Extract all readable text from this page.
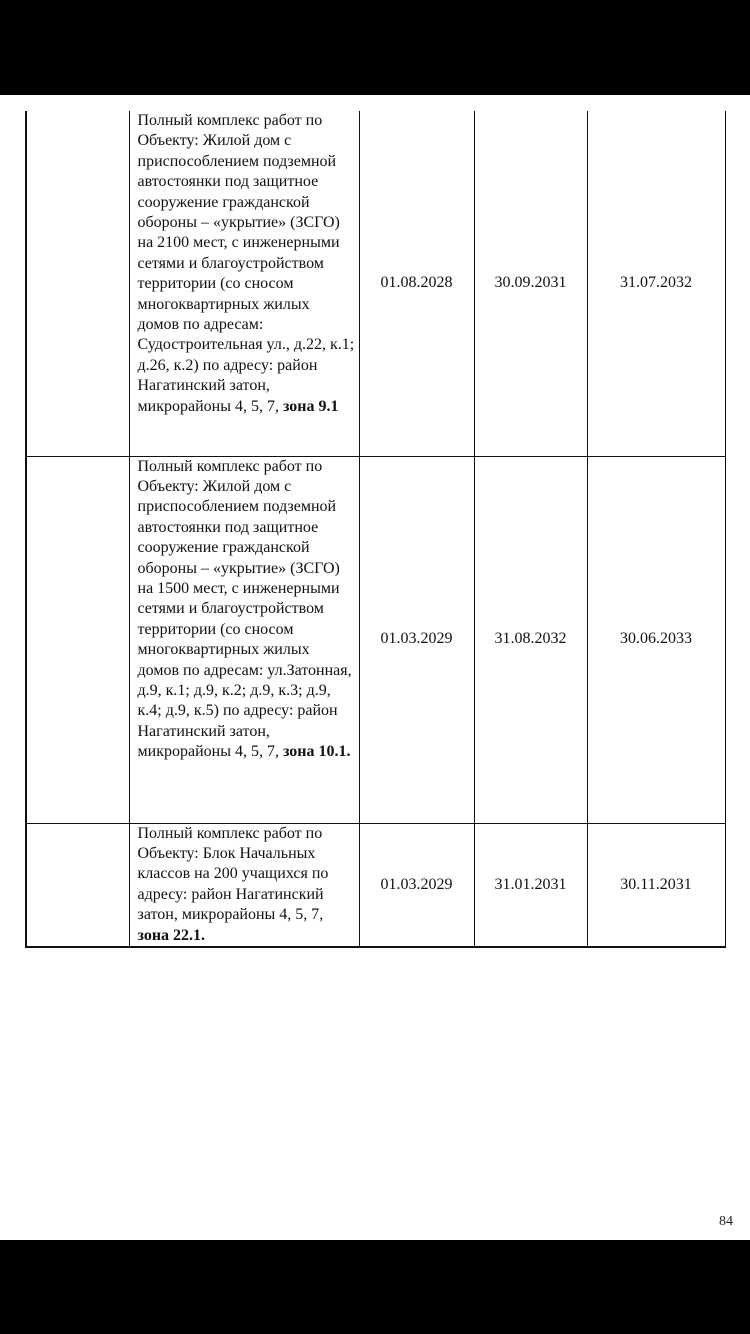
	Полный комплекс работ по Объекту: Жилой дом с приспособлением подземной автостоянки под защитное сооружение гражданской обороны – «укрытие» (ЗСГО) на 2100 мест, с инженерными сетями и благоустройством территории (со сносом многоквартирных жилых домов по адресам: Судостроительная ул., д.22, к.1; д.26, к.2) по адресу: район Нагатинский затон, микрорайоны 4, 5, 7, зона 9.1	01.08.2028	30.09.2031	31.07.2032
	Полный комплекс работ по Объекту: Жилой дом с приспособлением подземной автостоянки под защитное сооружение гражданской обороны – «укрытие» (ЗСГО) на 1500 мест, с инженерными сетями и благоустройством территории (со сносом многоквартирных жилых домов по адресам: ул.Затонная, д.9, к.1; д.9, к.2; д.9, к.3; д.9, к.4; д.9, к.5) по адресу: район Нагатинский затон, микрорайоны 4, 5, 7, зона 10.1.	01.03.2029	31.08.2032	30.06.2033
	Полный комплекс работ по Объекту: Блок Начальных классов на 200 учащихся по адресу: район Нагатинский затон, микрорайоны 4, 5, 7, зона 22.1.	01.03.2029	31.01.2031	30.11.2031
84
